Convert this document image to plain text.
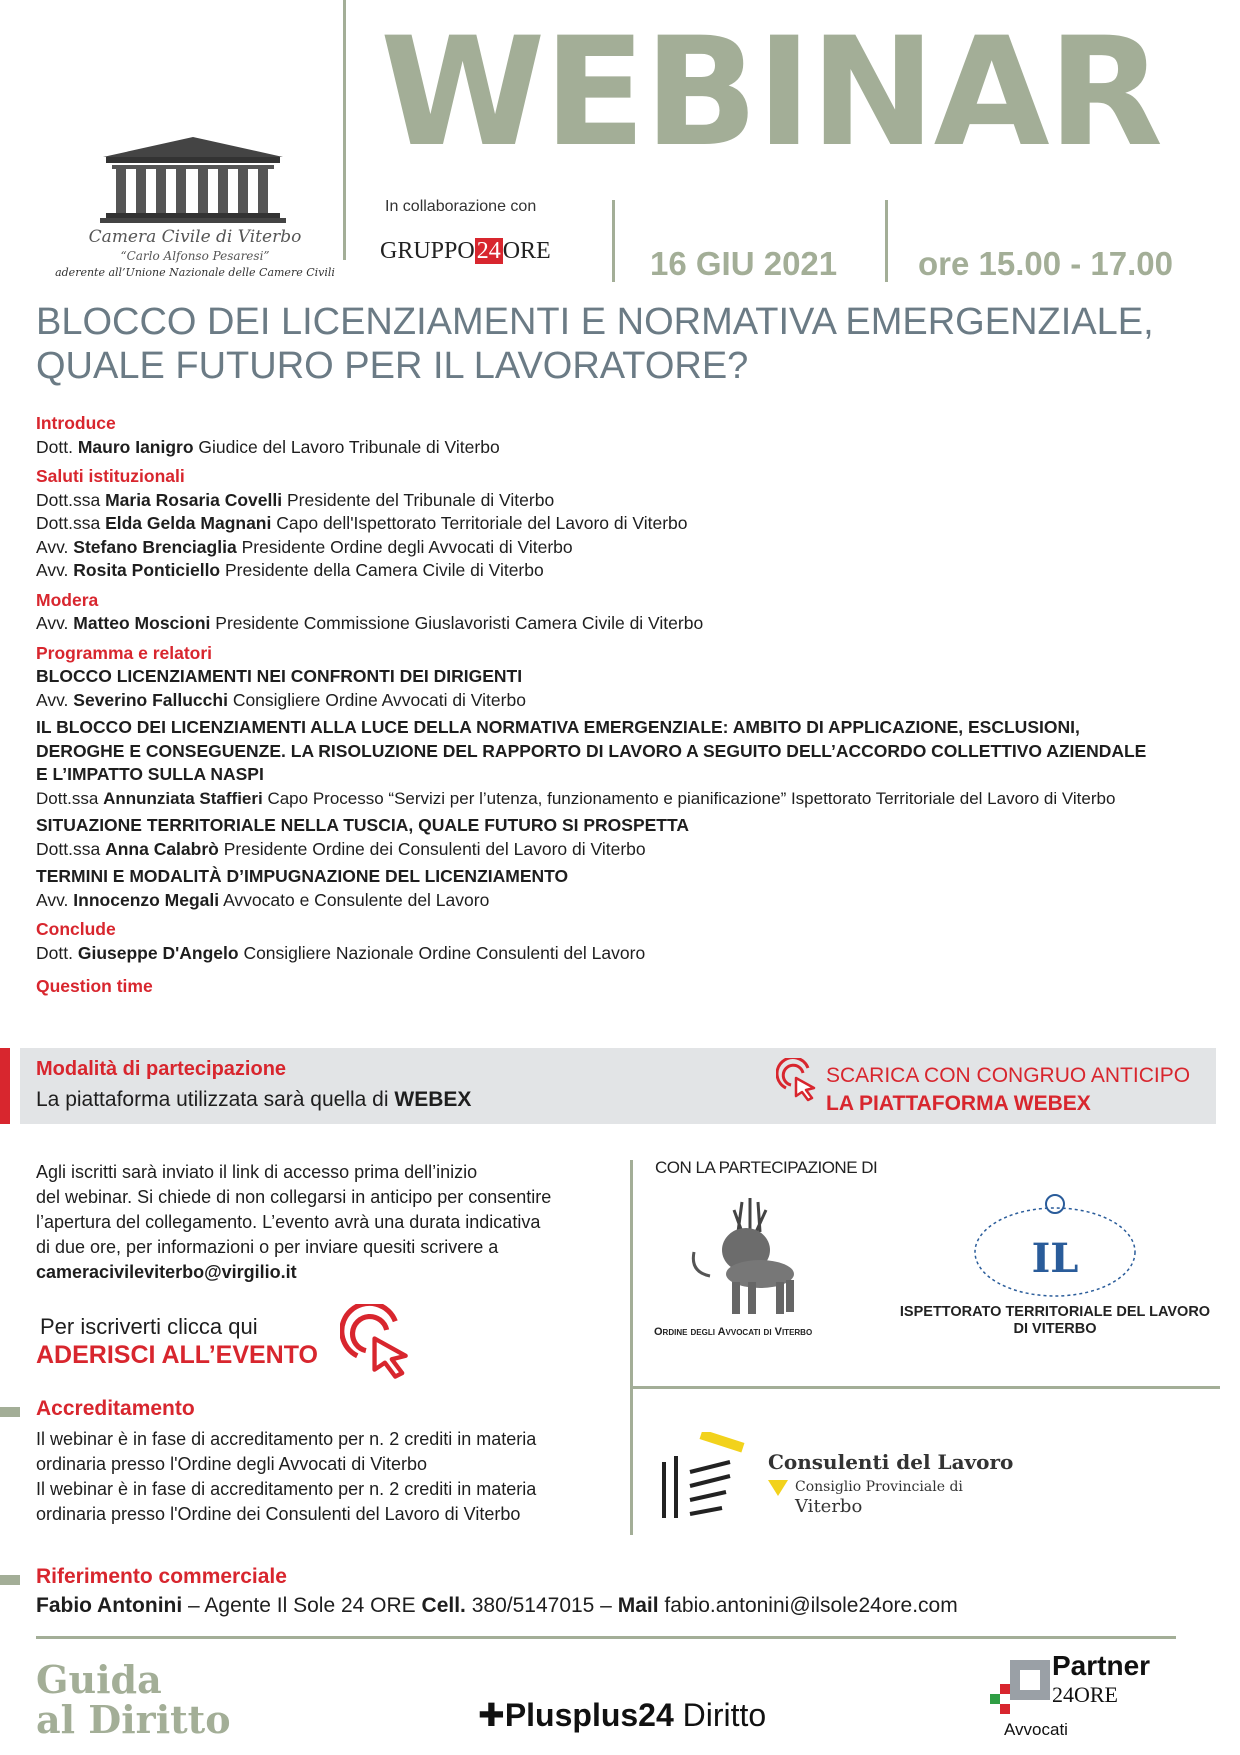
Camera Civile di Viterbo
“Carlo Alfonso Pesaresi”
aderente all’Unione Nazionale delle Camere Civili
WEBINAR
In collaborazione con
GRUPPO24ORE	16 GIU 2021 ore 15.00 - 17.00
BLOCCO DEI LICENZIAMENTI E NORMATIVA EMERGENZIALE,
QUALE FUTURO PER IL LAVORATORE?
Introduce
Dott. Mauro Ianigro Giudice del Lavoro Tribunale di Viterbo
Saluti istituzionali
Dott.ssa Maria Rosaria Covelli Presidente del Tribunale di Viterbo
Dott.ssa Elda Gelda Magnani Capo dell'Ispettorato Territoriale del Lavoro di Viterbo
Avv. Stefano Brenciaglia Presidente Ordine degli Avvocati di Viterbo
Avv. Rosita Ponticiello Presidente della Camera Civile di Viterbo
Modera
Avv. Matteo Moscioni Presidente Commissione Giuslavoristi Camera Civile di Viterbo
Programma e relatori
BLOCCO LICENZIAMENTI NEI CONFRONTI DEI DIRIGENTI
Avv. Severino Fallucchi Consigliere Ordine Avvocati di Viterbo
IL BLOCCO DEI LICENZIAMENTI ALLA LUCE DELLA NORMATIVA EMERGENZIALE: AMBITO DI APPLICAZIONE, ESCLUSIONI,
DEROGHE E CONSEGUENZE. LA RISOLUZIONE DEL RAPPORTO DI LAVORO A SEGUITO DELL’ACCORDO COLLETTIVO AZIENDALE
E L’IMPATTO SULLA NASPI
Dott.ssa Annunziata Staffieri Capo Processo “Servizi per l’utenza, funzionamento e pianificazione” Ispettorato Territoriale del Lavoro di Viterbo
SITUAZIONE TERRITORIALE NELLA TUSCIA, QUALE FUTURO SI PROSPETTA
Dott.ssa Anna Calabrò Presidente Ordine dei Consulenti del Lavoro di Viterbo
TERMINI E MODALITÀ D’IMPUGNAZIONE DEL LICENZIAMENTO
Avv. Innocenzo Megali Avvocato e Consulente del Lavoro
Conclude
Dott. Giuseppe D'Angelo Consigliere Nazionale Ordine Consulenti del Lavoro
Question time
Modalità di partecipazione
La piattaforma utilizzata sarà quella di WEBEX
SCARICA CON CONGRUO ANTICIPO
LA PIATTAFORMA WEBEX
Agli iscritti sarà inviato il link di accesso prima dell’inizio
del webinar. Si chiede di non collegarsi in anticipo per consentire
l’apertura del collegamento. L’evento avrà una durata indicativa
di due ore, per informazioni o per inviare quesiti scrivere a
cameracivileviterbo@virgilio.it
Per iscriverti clicca qui
ADERISCI ALL’EVENTO
Accreditamento
Il webinar è in fase di accreditamento per n. 2 crediti in materia
ordinaria presso l'Ordine degli Avvocati di Viterbo
Il webinar è in fase di accreditamento per n. 2 crediti in materia
ordinaria presso l'Ordine dei Consulenti del Lavoro di Viterbo
CON LA PARTECIPAZIONE DI
Ordine degli Avvocati di Viterbo
IL
ISPETTORATO TERRITORIALE DEL LAVORO
DI VITERBO
Consulenti del Lavoro
Consiglio Provinciale di
Viterbo
Riferimento commerciale
Fabio Antonini – Agente Il Sole 24 ORE Cell. 380/5147015 – Mail fabio.antonini@ilsole24ore.com
Guida
al Diritto	✚Plusplus24 Diritto
Partner
24ORE
Avvocati
